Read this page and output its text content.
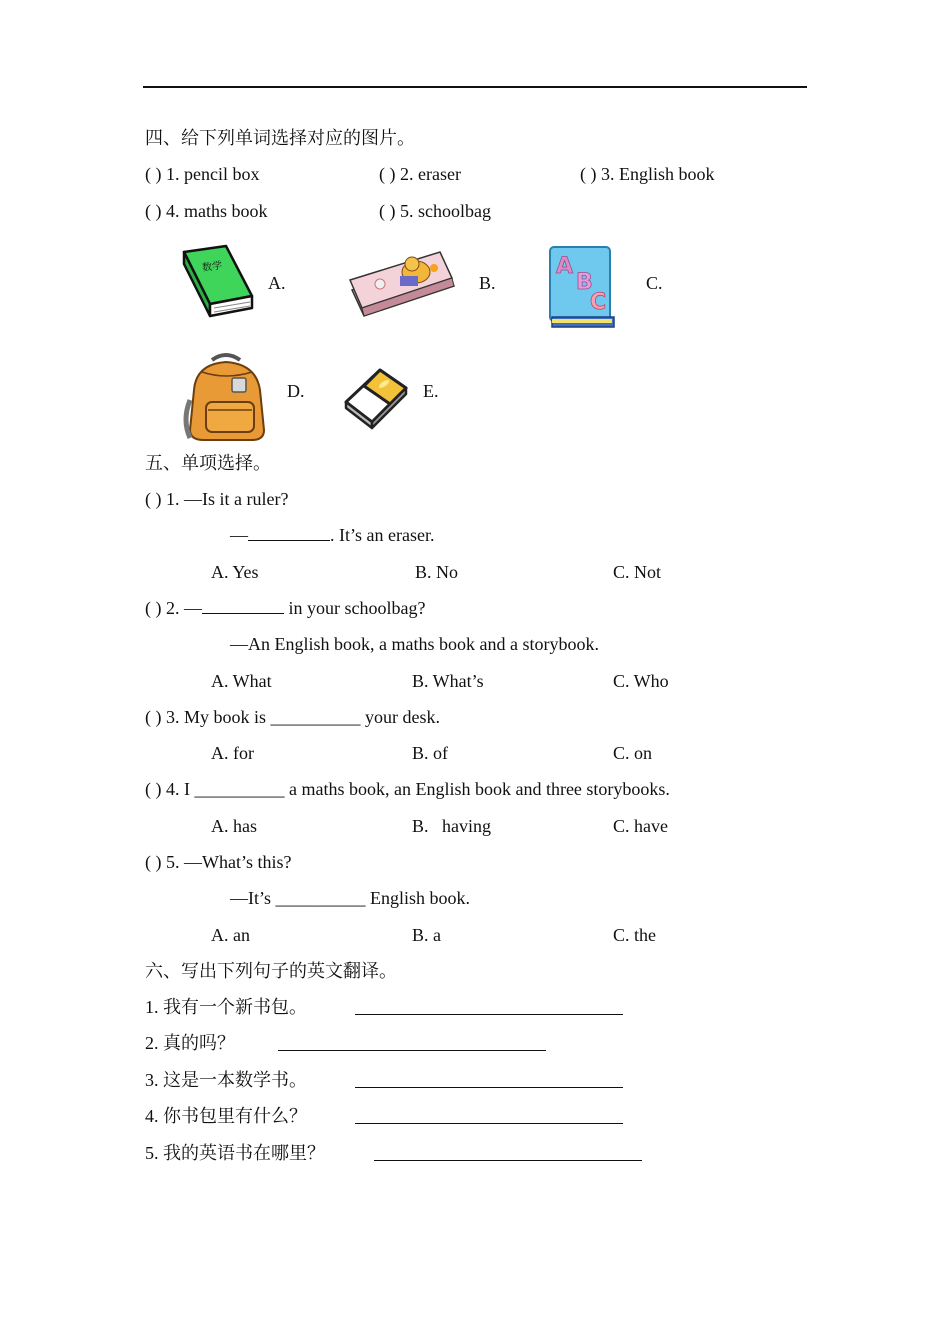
四、给下列单词选择对应的图片。
( ) 1. pencil box	( ) 2. eraser	( ) 3. English book
( ) 4. maths book	( ) 5. schoolbag
数学
A.	B.
A
B
C
C.
D.	E.
五、单项选择。
( ) 1. —Is it a ruler?
—	. It’s an eraser.
A. Yes	B. No	C. Not
( ) 2. —	in your schoolbag?
—An English book, a maths book and a storybook.
A. What	B. What’s	C. Who
( ) 3. My book is __________ your desk.
A. for	B. of	C. on
( ) 4. I __________ a maths book, an English book and three storybooks.
A. has	B.   having	C. have
( ) 5. —What’s this?
—It’s __________ English book.
A. an	B. a	C. the
六、写出下列句子的英文翻译。
1. 我有一个新书包。
2. 真的吗？
3. 这是一本数学书。
4. 你书包里有什么？
5. 我的英语书在哪里？
